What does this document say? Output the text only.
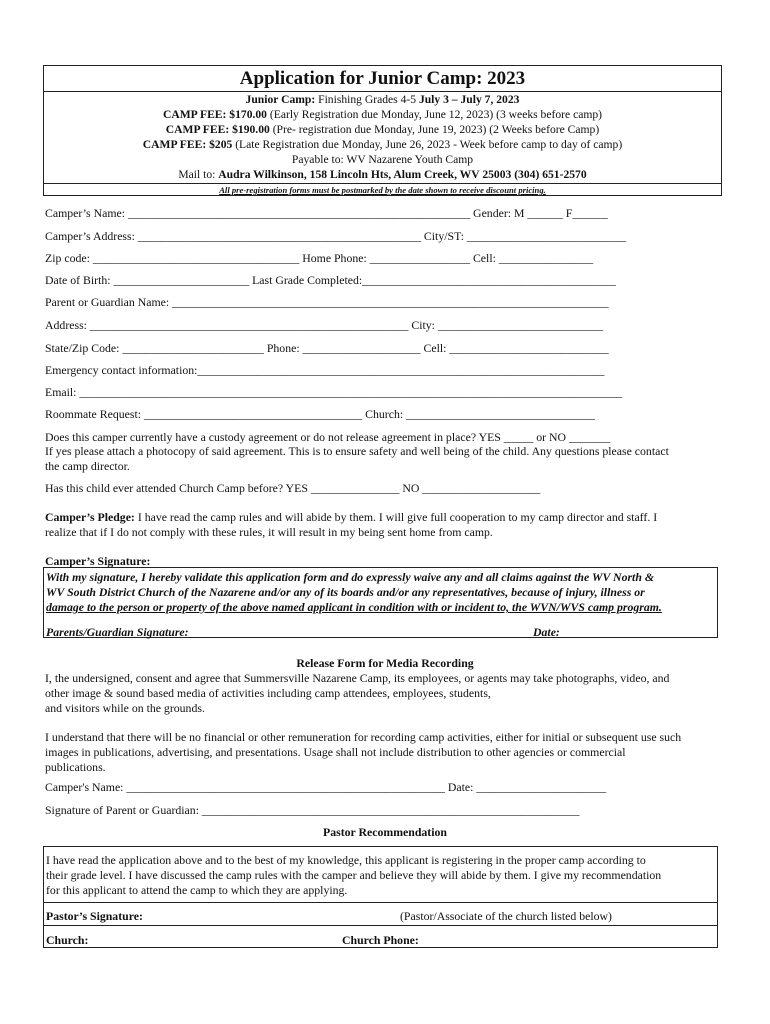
Application for Junior Camp: 2023
Junior Camp: Finishing Grades 4-5 July 3 – July 7, 2023
CAMP FEE: $170.00 (Early Registration due Monday, June 12, 2023) (3 weeks before camp)
CAMP FEE: $190.00 (Pre- registration due Monday, June 19, 2023) (2 Weeks before Camp)
CAMP FEE: $205 (Late Registration due Monday, June 26, 2023 - Week before camp to day of camp)
Payable to: WV Nazarene Youth Camp
Mail to: Audra Wilkinson, 158 Lincoln Hts, Alum Creek, WV 25003 (304) 651-2570
All pre-registration forms must be postmarked by the date shown to receive discount pricing.
Camper’s Name: __________________________________________________________ Gender: M ______ F______
Camper’s Address: ________________________________________________ City/ST: ___________________________
Zip code: ___________________________________ Home Phone: _________________ Cell: ________________
Date of Birth: _______________________ Last Grade Completed:___________________________________________
Parent or Guardian Name: __________________________________________________________________________
Address: ______________________________________________________ City: ____________________________
State/Zip Code: ________________________ Phone: ____________________ Cell: ___________________________
Emergency contact information:_____________________________________________________________________
Email: ____________________________________________________________________________________________
Roommate Request: _____________________________________ Church: ________________________________
Does this camper currently have a custody agreement or do not release agreement in place? YES _____ or NO _______
If yes please attach a photocopy of said agreement. This is to ensure safety and well being of the child. Any questions please contact
the camp director.
Has this child ever attended Church Camp before? YES _______________ NO ____________________
Camper’s Pledge: I have read the camp rules and will abide by them. I will give full cooperation to my camp director and staff. I
realize that if I do not comply with these rules, it will result in my being sent home from camp.
Camper’s Signature:
With my signature, I hereby validate this application form and do expressly waive any and all claims against the WV North &
WV South District Church of the Nazarene and/or any of its boards and/or any representatives, because of injury, illness or
damage to the person or property of the above named applicant in condition with or incident to, the WVN/WVS camp program.
Parents/Guardian Signature:	Date:
Release Form for Media Recording
I, the undersigned, consent and agree that Summersville Nazarene Camp, its employees, or agents may take photographs, video, and
other image & sound based media of activities including camp attendees, employees, students,
and visitors while on the grounds.
I understand that there will be no financial or other remuneration for recording camp activities, either for initial or subsequent use such
images in publications, advertising, and presentations. Usage shall not include distribution to other agencies or commercial
publications.
Camper's Name: ______________________________________________________ Date: ______________________
Signature of Parent or Guardian: ________________________________________________________________
Pastor Recommendation
I have read the application above and to the best of my knowledge, this applicant is registering in the proper camp according to
their grade level. I have discussed the camp rules with the camper and believe they will abide by them. I give my recommendation
for this applicant to attend the camp to which they are applying.
Pastor’s Signature:	(Pastor/Associate of the church listed below)
Church:	Church Phone:
